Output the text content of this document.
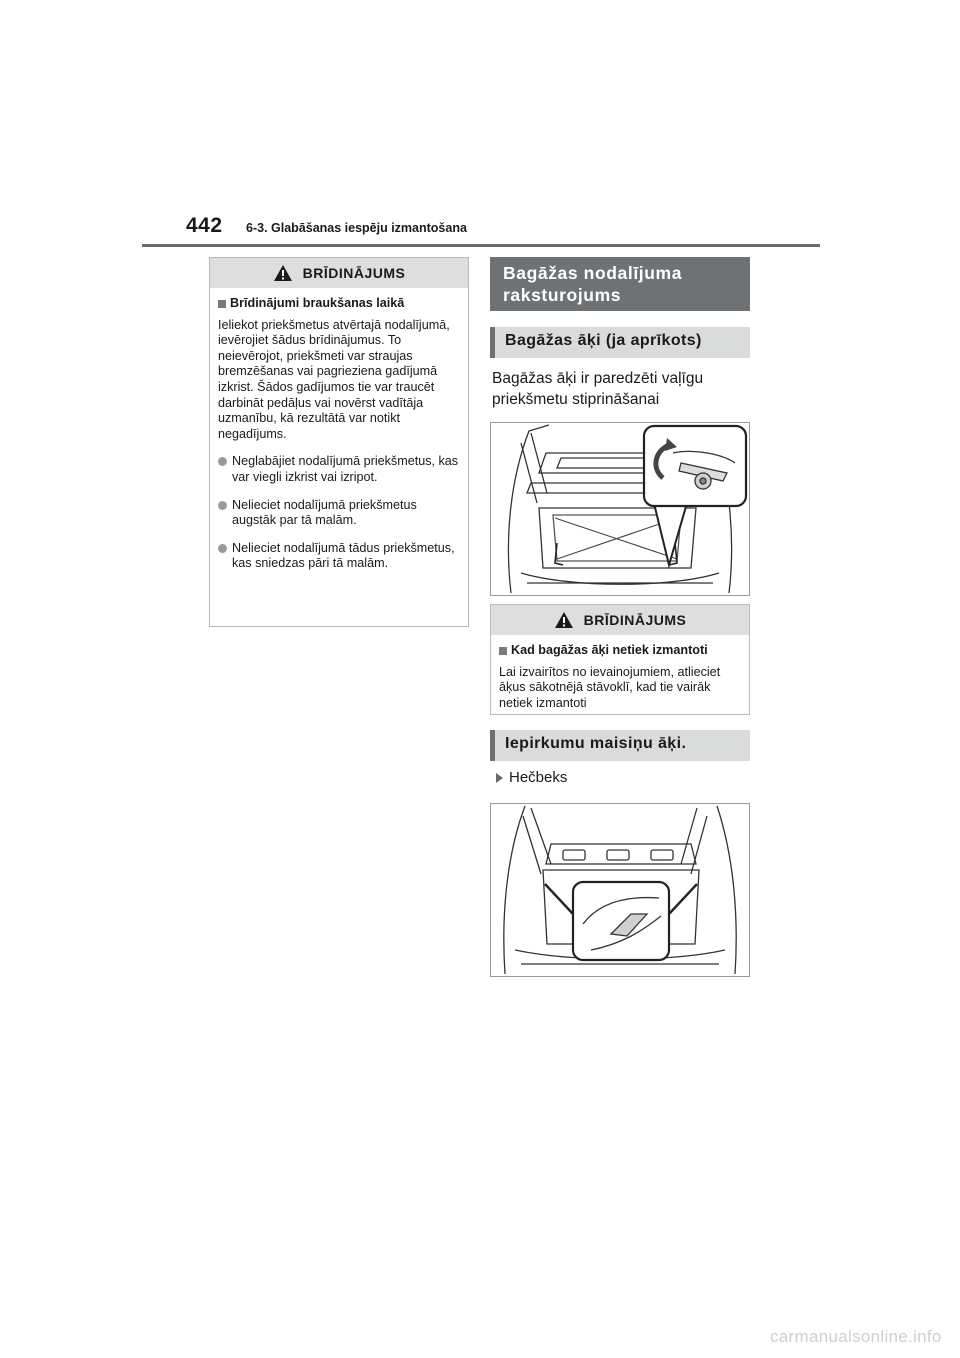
442 6-3. Glabāšanas iespēju izmantošana
BRĪDINĀJUMS
Brīdinājumi braukšanas laikā
Ieliekot priekšmetus atvērtajā nodalījumā, ievērojiet šādus brīdinājumus. To neievērojot, priekšmeti var straujas bremzēšanas vai pagrieziena gadījumā izkrist. Šādos gadījumos tie var traucēt darbināt pedāļus vai novērst vadītāja uzmanību, kā rezultātā var notikt negadījums.
Neglabājiet nodalījumā priekšmetus, kas var viegli izkrist vai izripot.
Nelieciet nodalījumā priekšmetus augstāk par tā malām.
Nelieciet nodalījumā tādus priekšmetus, kas sniedzas pāri tā malām.
Bagāžas nodalījuma raksturojums
Bagāžas āķi (ja aprīkots)
Bagāžas āķi ir paredzēti vaļīgu priekšmetu stiprināšanai
BRĪDINĀJUMS
Kad bagāžas āķi netiek izmantoti
Lai izvairītos no ievainojumiem, atlieciet āķus sākotnējā stāvoklī, kad tie vairāk netiek izmantoti
Iepirkumu maisiņu āķi.
Hečbeks
carmanualsonline.info
